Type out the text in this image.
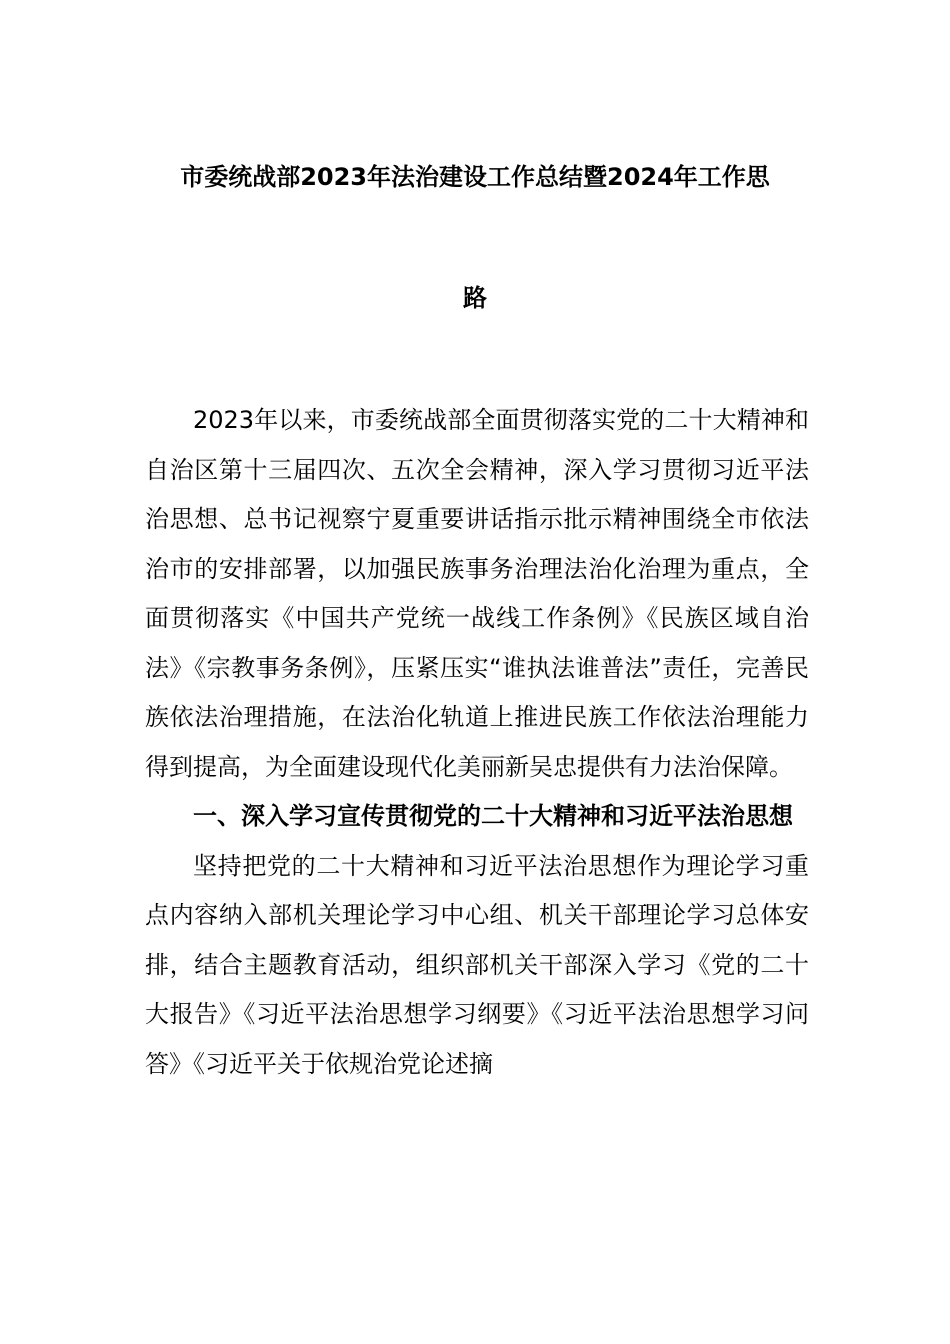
市委统战部2023年法治建设工作总结暨2024年工作思
路

2023年以来，市委统战部全面贯彻落实党的二十大精神和自治区第十三届四次、五次全会精神，深入学习贯彻习近平法治思想、总书记视察宁夏重要讲话指示批示精神围绕全市依法治市的安排部署，以加强民族事务治理法治化治理为重点，全面贯彻落实《中国共产党统一战线工作条例》《民族区域自治法》《宗教事务条例》，压紧压实“谁执法谁普法”责任，完善民族依法治理措施，在法治化轨道上推进民族工作依法治理能力得到提高，为全面建设现代化美丽新吴忠提供有力法治保障。

一、深入学习宣传贯彻党的二十大精神和习近平法治思想

坚持把党的二十大精神和习近平法治思想作为理论学习重点内容纳入部机关理论学习中心组、机关干部理论学习总体安排，结合主题教育活动，组织部机关干部深入学习《党的二十大报告》《习近平法治思想学习纲要》《习近平法治思想学习问答》《习近平关于依规治党论述摘
